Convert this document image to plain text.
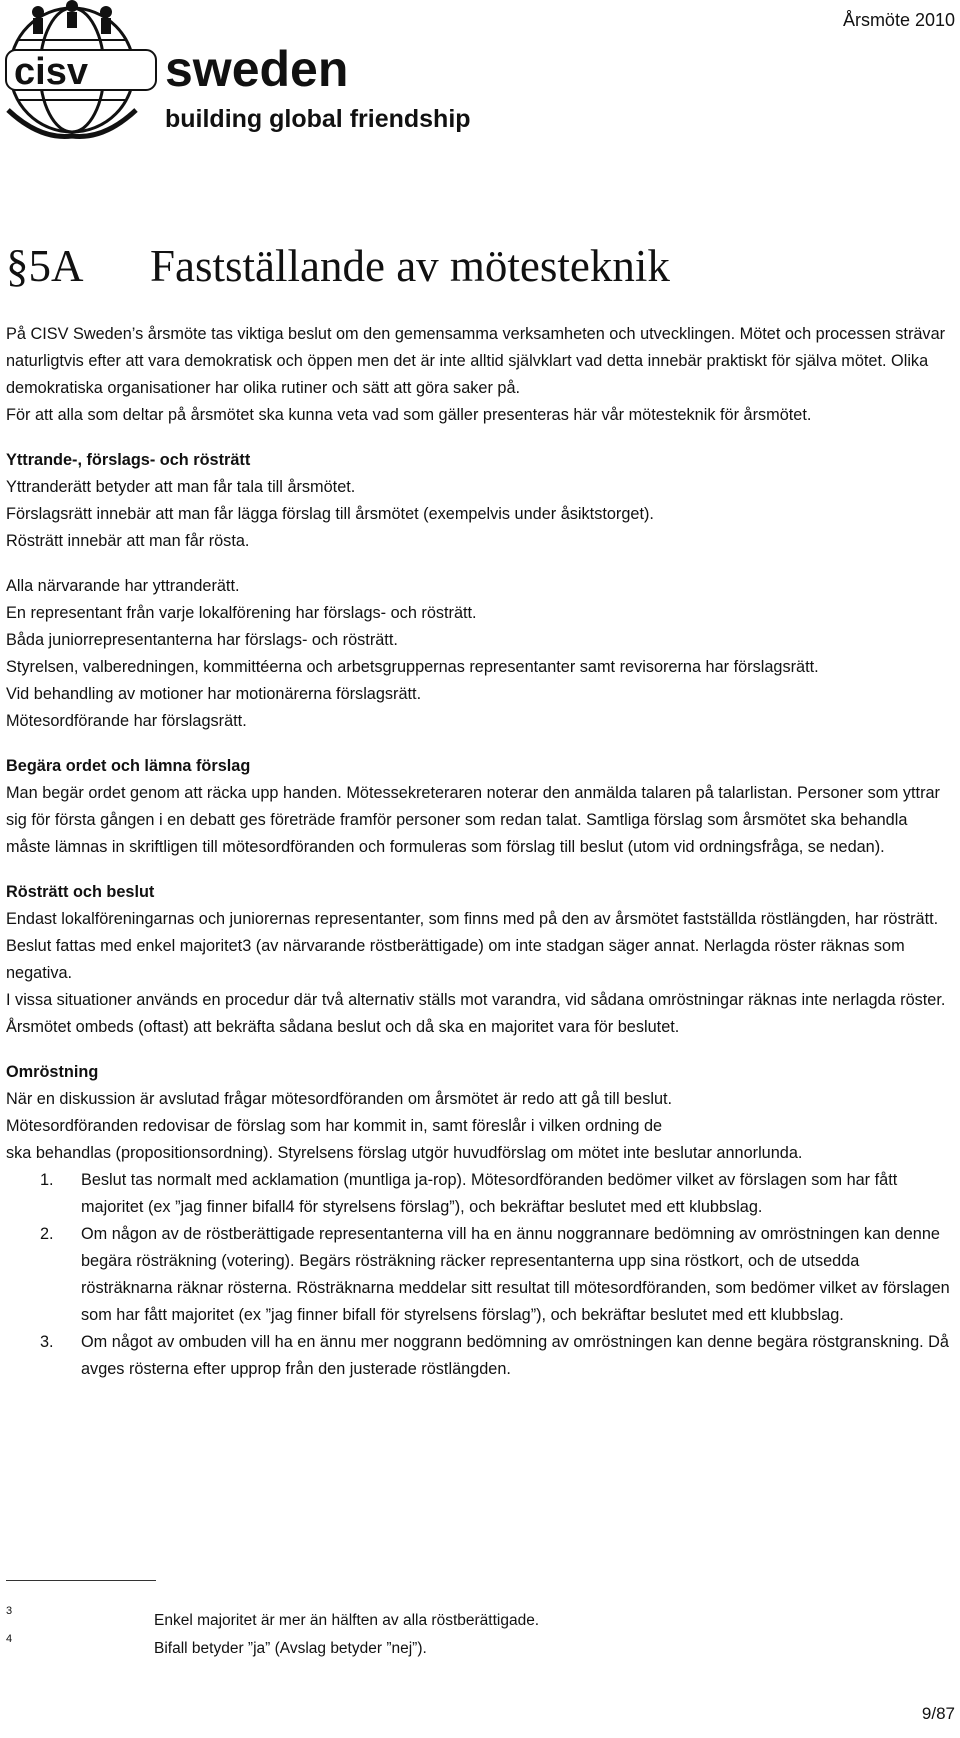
cisv sweden
building global friendship
Årsmöte 2010
§5A Fastställande av mötesteknik

På CISV Sweden’s årsmöte tas viktiga beslut om den gemensamma verksamheten och utvecklingen. Mötet och processen strävar naturligtvis efter att vara demokratisk och öppen men det är inte alltid självklart vad detta innebär praktiskt för själva mötet. Olika demokratiska organisationer har olika rutiner och sätt att göra saker på.

För att alla som deltar på årsmötet ska kunna veta vad som gäller presenteras här vår mötesteknik för årsmötet.

Yttrande-, förslags- och rösträtt

Yttranderätt betyder att man får tala till årsmötet.

Förslagsrätt innebär att man får lägga förslag till årsmötet (exempelvis under åsiktstorget).

Rösträtt innebär att man får rösta.

Alla närvarande har yttranderätt.

En representant från varje lokalförening har förslags- och rösträtt.

Båda juniorrepresentanterna har förslags- och rösträtt.

Styrelsen, valberedningen, kommittéerna och arbetsgruppernas representanter samt revisorerna har förslagsrätt.

Vid behandling av motioner har motionärerna förslagsrätt.

Mötesordförande har förslagsrätt.

Begära ordet och lämna förslag

Man begär ordet genom att räcka upp handen. Mötessekreteraren noterar den anmälda talaren på talarlistan. Personer som yttrar sig för första gången i en debatt ges företräde framför personer som redan talat. Samtliga förslag som årsmötet ska behandla måste lämnas in skriftligen till mötesordföranden och formuleras som förslag till beslut (utom vid ordningsfråga, se nedan).

Rösträtt och beslut

Endast lokalföreningarnas och juniorernas representanter, som finns med på den av årsmötet fastställda röstlängden, har rösträtt. Beslut fattas med enkel majoritet3 (av närvarande röstberättigade) om inte stadgan säger annat. Nerlagda röster räknas som negativa.

I vissa situationer används en procedur där två alternativ ställs mot varandra, vid sådana omröstningar räknas inte nerlagda röster. Årsmötet ombeds (oftast) att bekräfta sådana beslut och då ska en majoritet vara för beslutet.

Omröstning

När en diskussion är avslutad frågar mötesordföranden om årsmötet är redo att gå till beslut.

Mötesordföranden redovisar de förslag som har kommit in, samt föreslår i vilken ordning de

ska behandlas (propositionsordning). Styrelsens förslag utgör huvudförslag om mötet inte beslutar annorlunda.

1. Beslut tas normalt med acklamation (muntliga ja-rop). Mötesordföranden bedömer vilket av förslagen som har fått majoritet (ex ”jag finner bifall4 för styrelsens förslag”), och bekräftar beslutet med ett klubbslag.
2. Om någon av de röstberättigade representanterna vill ha en ännu noggrannare bedömning av omröstningen kan denne begära rösträkning (votering). Begärs rösträkning räcker representanterna upp sina röstkort, och de utsedda rösträknarna räknar rösterna. Rösträknarna meddelar sitt resultat till mötesordföranden, som bedömer vilket av förslagen som har fått majoritet (ex ”jag finner bifall för styrelsens förslag”), och bekräftar beslutet med ett klubbslag.
3. Om något av ombuden vill ha en ännu mer noggrann bedömning av omröstningen kan denne begära röstgranskning. Då avges rösterna efter upprop från den justerade röstlängden.
3
Enkel majoritet är mer än hälften av alla röstberättigade.
4
Bifall betyder ”ja” (Avslag betyder ”nej”).
9/87
